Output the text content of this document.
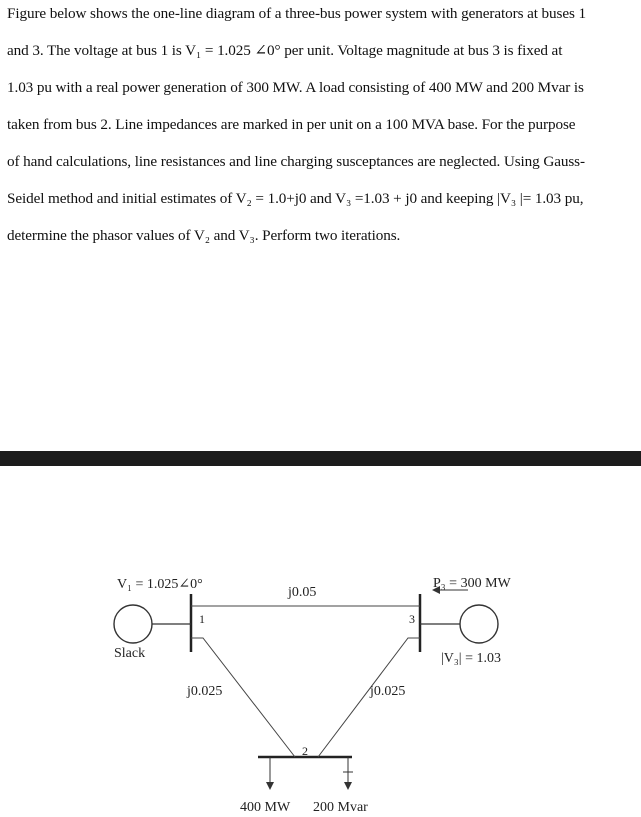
Figure below shows the one-line diagram of a three-bus power system with generators at buses 1
and 3. The voltage at bus 1 is V₁ = 1.025 ∠0° per unit. Voltage magnitude at bus 3 is fixed at
1.03 pu with a real power generation of 300 MW. A load consisting of 400 MW and 200 Mvar is
taken from bus 2. Line impedances are marked in per unit on a 100 MVA base. For the purpose
of hand calculations, line resistances and line charging susceptances are neglected. Using Gauss-
Seidel method and initial estimates of V₂ = 1.0+j0 and V₃ =1.03 + j0 and keeping |V₃ |= 1.03 pu,
determine the phasor values of V₂ and V₃. Perform two iterations.
V₁ = 1.025∠0°
Slack
1	3
2
j0.05
j0.025	j0.025
P₃ = 300 MW
|V₃| = 1.03
400 MW 200 Mvar
